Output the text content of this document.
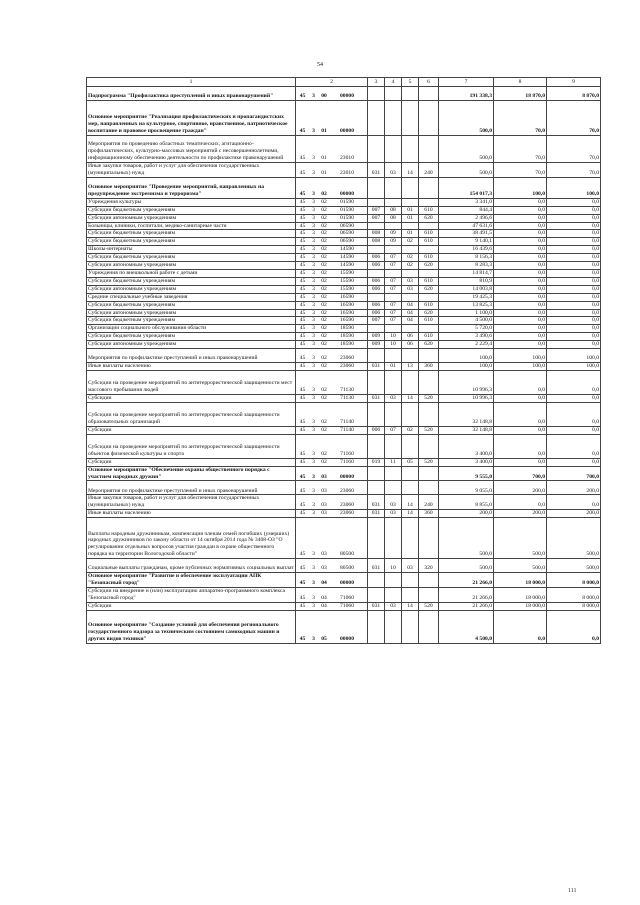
54
1	2	3	4	5	6	7	8	9
Подпрограмма "Профилактика преступлений и иных правонарушений"	45 3 00 00000					191 338,3	18 870,0	8 870,0
Основное мероприятие "Реализация профилактических и пропагандистских мер, направленных на культурное, спортивное, нравственное, патриотическое воспитание и правовое просвещение граждан"	45 3 01 00000					500,0	70,0	70,0
Мероприятия по проведению областных тематических, агитационно-профилактических, культурно-массовых мероприятий с несовершеннолетними, информационному обеспечению деятельности по профилактике правонарушений	45 3 01 23010					500,0	70,0	70,0
Иные закупки товаров, работ и услуг для обеспечения государственных (муниципальных) нужд	45 3 01 23010	031	03	14	240	500,0	70,0	70,0
Основное мероприятие "Проведение мероприятий, направленных на предупреждение экстремизма и терроризма"	45 3 02 00000					154 017,3	100,0	100,0
Учреждения культуры	45 3 02 01590					3 341,0	0,0	0,0
Субсидии бюджетным учреждениям	45 3 02 01590	007	08	01	610	844,4	0,0	0,0
Субсидии автономным учреждениям	45 3 02 01590	007	08	01	620	2 496,6	0,0	0,0
Больницы, клиники, госпитали, медико-санитарные части	45 3 02 06590					47 631,6	0,0	0,0
Субсидии бюджетным учреждениям	45 3 02 06590	008	09	01	610	38 491,5	0,0	0,0
Субсидии бюджетным учреждениям	45 3 02 06590	008	09	02	610	9 140,1	0,0	0,0
Школы-интернаты	45 3 02 14590					16 439,6	0,0	0,0
Субсидии бюджетным учреждениям	45 3 02 14590	006	07	02	610	8 156,3	0,0	0,0
Субсидии автономным учреждениям	45 3 02 14590	006	07	02	620	8 283,3	0,0	0,0
Учреждения по внешкольной работе с детьми	45 3 02 15590					14 814,7	0,0	0,0
Субсидии бюджетным учреждениям	45 3 02 15590	006	07	03	610	810,9	0,0	0,0
Субсидии автономным учреждениям	45 3 02 15590	006	07	03	620	14 003,8	0,0	0,0
Средние специальные учебные заведения	45 3 02 16590					19 425,3	0,0	0,0
Субсидии бюджетным учреждениям	45 3 02 16590	006	07	04	610	13 825,3	0,0	0,0
Субсидии автономным учреждениям	45 3 02 16590	006	07	04	620	1 100,0	0,0	0,0
Субсидии бюджетным учреждениям	45 3 02 16590	007	07	04	610	4 500,0	0,0	0,0
Организации социального обслуживания области	45 3 02 18590					5 720,0	0,0	0,0
Субсидии бюджетным учреждениям	45 3 02 18590	009	10	06	610	3 490,6	0,0	0,0
Субсидии автономным учреждениям	45 3 02 18590	009	10	06	620	2 229,4	0,0	0,0
Мероприятия по профилактике преступлений и иных правонарушений	45 3 02 23060					100,0	100,0	100,0
Иные выплаты населению	45 3 02 23060	031	01	13	360	100,0	100,0	100,0
Субсидии на проведение мероприятий по антитеррористической защищенности мест массового пребывания людей	45 3 02 71130					10 996,3	0,0	0,0
Субсидии	45 3 02 71130	031	03	14	520	10 996,3	0,0	0,0
Субсидии на проведение мероприятий по антитеррористической защищенности образовательных организаций	45 3 02 71140					32 148,8	0,0	0,0
Субсидии	45 3 02 71140	006	07	02	520	32 148,8	0,0	0,0
Субсидии на проведение мероприятий по антитеррористической защищенности объектов физической культуры и спорта	45 3 02 71160					3 400,0	0,0	0,0
Субсидии	45 3 02 71160	019	11	05	520	3 400,0	0,0	0,0
Основное мероприятие "Обеспечение охраны общественного порядка с участием народных дружин"	45 3 03 00000					9 555,0	700,0	700,0
Мероприятия по профилактике преступлений и иных правонарушений	45 3 03 23060					9 055,0	200,0	200,0
Иные закупки товаров, работ и услуг для обеспечения государственных (муниципальных) нужд	45 3 03 23060	031	03	14	240	8 855,0	0,0	0,0
Иные выплаты населению	45 3 03 23060	031	03	14	360	200,0	200,0	200,0
Выплаты народным дружинникам, компенсация членам семей погибших (умерших) народных дружинников по закону области от 14 октября 2014 года № 3408-ОЗ "О регулировании отдельных вопросов участия граждан в охране общественного порядка на территории Вологодской области"	45 3 03 80500					500,0	500,0	500,0
Социальные выплаты гражданам, кроме публичных нормативных социальных выплат	45 3 03 80500	031	10	03	320	500,0	500,0	500,0
Основное мероприятие "Развитие и обеспечение эксплуатации АПК "Безопасный город"	45 3 04 00000					21 266,0	18 000,0	8 000,0
Субсидии на внедрение и (или) эксплуатацию аппаратно-программного комплекса "Безопасный город"	45 3 04 71060					21 266,0	18 000,0	8 000,0
Субсидии	45 3 04 71060	031	03	14	520	21 266,0	18 000,0	8 000,0
Основное мероприятие "Создание условий для обеспечения регионального государственного надзора за техническим состоянием самоходных машин и других видов техники"	45 3 05 00000					4 500,0	0,0	0,0
111
